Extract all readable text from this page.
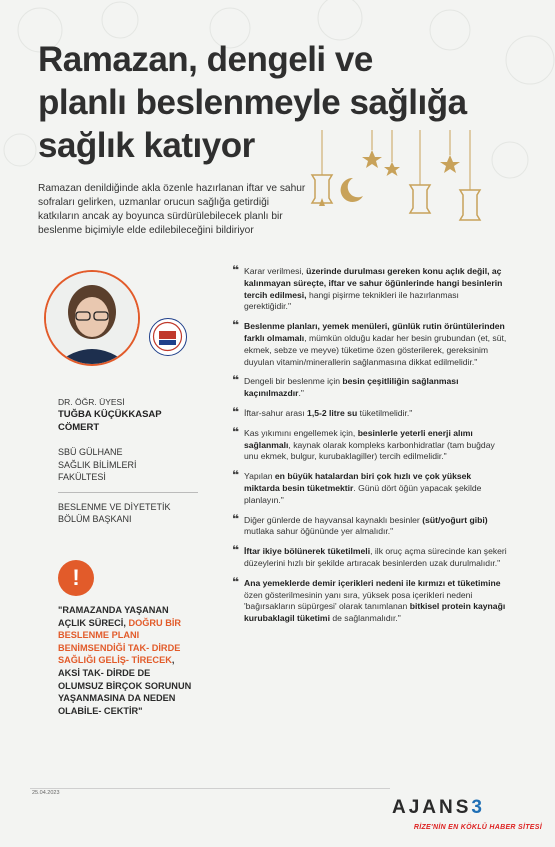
Ramazan, dengeli ve
planlı beslenmeyle sağlığa
sağlık katıyor

Ramazan denildiğinde akla özenle hazırlanan iftar ve sahur sofraları gelirken, uzmanlar orucun sağlığa getirdiği katkıların ancak ay boyunca sürdürülebilecek planlı bir beslenme biçimiyle elde edilebileceğini bildiriyor

DR. ÖĞR. ÜYESİ
TUĞBA KÜÇÜKKASAP
CÖMERT
SBÜ GÜLHANE
SAĞLIK BİLİMLERİ
FAKÜLTESİ
BESLENME VE DİYETETİK
BÖLÜM BAŞKANI
!
"RAMAZANDA YAŞANAN AÇLIK SÜRECİ, DOĞRU BİR BESLENME PLANI BENİMSENDİĞİ TAK- DİRDE SAĞLIĞI GELİŞ- TİRECEK, AKSİ TAK- DİRDE DE OLUMSUZ BİRÇOK SORUNUN YAŞANMASINA DA NEDEN OLABİLE- CEKTİR"
❝ Karar verilmesi, üzerinde durulması gereken konu açlık değil, aç kalınmayan süreçte, iftar ve sahur öğünlerinde hangi besinlerin tercih edilmesi, hangi pişirme teknikleri ile hazırlanması gerektiğidir."
❝ Beslenme planları, yemek menüleri, günlük rutin örüntülerinden farklı olmamalı, mümkün olduğu kadar her besin grubundan (et, süt, ekmek, sebze ve meyve) tüketime özen gösterilerek, gereksinim duyulan vitamin/minerallerin sağlanmasına dikkat edilmelidir."
❝ Dengeli bir beslenme için besin çeşitliliğin sağlanması kaçınılmazdır."
❝ İftar-sahur arası 1,5-2 litre su tüketilmelidir."
❝ Kas yıkımını engellemek için, besinlerle yeterli enerji alımı sağlanmalı, kaynak olarak kompleks karbonhidratlar (tam buğday unu ekmek, bulgur, kurubaklagiller) tercih edilmelidir."
❝ Yapılan en büyük hatalardan biri çok hızlı ve çok yüksek miktarda besin tüketmektir. Günü dört öğün yapacak şekilde planlayın."
❝ Diğer günlerde de hayvansal kaynaklı besinler (süt/yoğurt gibi) mutlaka sahur öğününde yer almalıdır."
❝ İftar ikiye bölünerek tüketilmeli, ilk oruç açma sürecinde kan şekeri düzeylerini hızlı bir şekilde artıracak besinlerden uzak durulmalıdır."
❝ Ana yemeklerde demir içerikleri nedeni ile kırmızı et tüketimine özen gösterilmesinin yanı sıra, yüksek posa içerikleri nedeni 'bağırsakların süpürgesi' olarak tanımlanan bitkisel protein kaynağı kurubaklagil tüketimi de sağlanmalıdır."
25.04.2023
AJANS3
RİZE'NİN EN KÖKLÜ HABER SİTESİ
